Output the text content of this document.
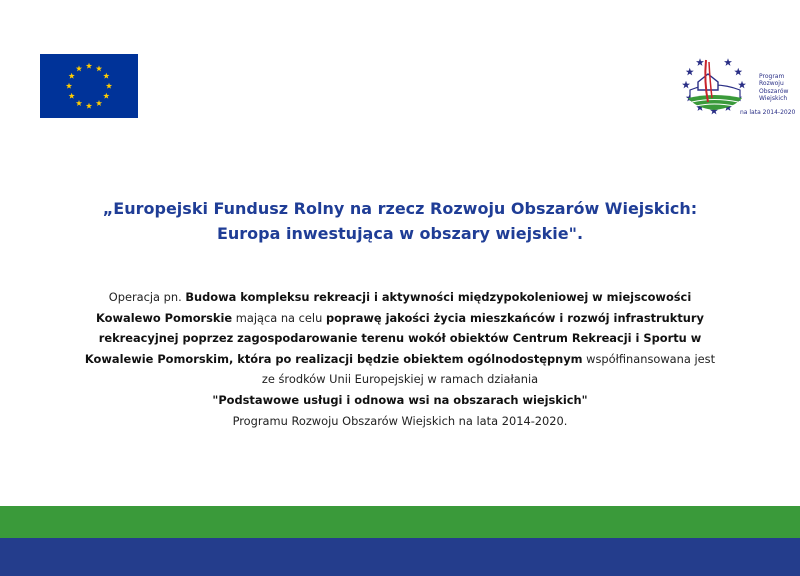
Program
Rozwoju
Obszarów
Wiejskich
na lata 2014-2020
„Europejski Fundusz Rolny na rzecz Rozwoju Obszarów Wiejskich:
Europa inwestująca w obszary wiejskie".
Operacja pn. Budowa kompleksu rekreacji i aktywności międzypokoleniowej w miejscowości Kowalewo Pomorskie mająca na celu poprawę jakości życia mieszkańców i rozwój infrastruktury rekreacyjnej poprzez zagospodarowanie terenu wokół obiektów Centrum Rekreacji i Sportu w Kowalewie Pomorskim, która po realizacji będzie obiektem ogólnodostępnym współfinansowana jest ze środków Unii Europejskiej w ramach działania
"Podstawowe usługi i odnowa wsi na obszarach wiejskich"
Programu Rozwoju Obszarów Wiejskich na lata 2014-2020.
